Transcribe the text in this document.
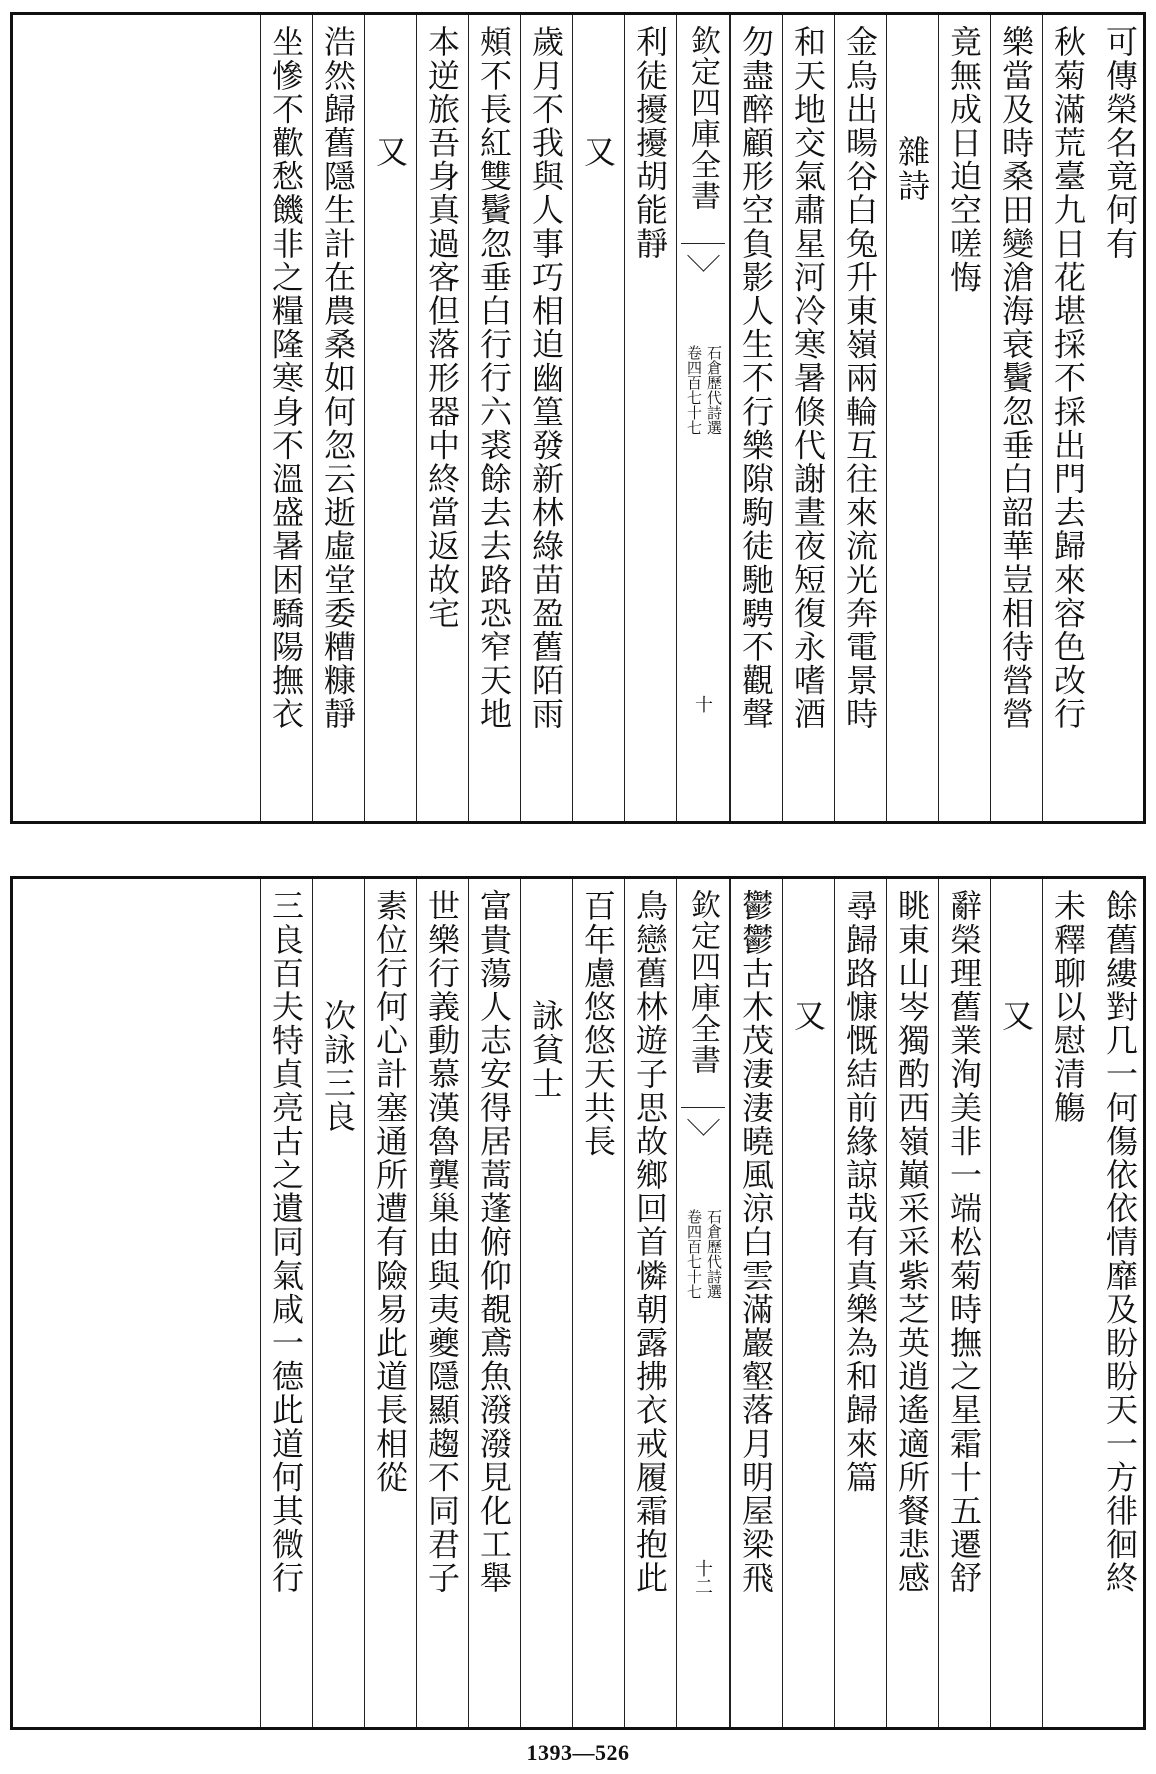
可傳榮名竟何有
秋菊滿荒臺九日花堪採不採出門去歸來容色改行
樂當及時桑田變滄海衰鬢忽垂白韶華豈相待營營
竟無成日迫空嗟悔
雜詩
金烏出暘谷白兔升東嶺兩輪互往來流光奔電景時
和天地交氣肅星河冷寒暑倏代謝晝夜短復永嗜酒
勿盡醉顧形空負影人生不行樂隙駒徒馳騁不觀聲
欽定四庫全書
石倉歷代詩選
卷四百七十七
十
利徒擾擾胡能靜
又
歲月不我與人事巧相迫幽篁發新林綠苗盈舊陌雨
頰不長紅雙鬢忽垂白行行六裘餘去去路恐窄天地
本逆旅吾身真過客但落形器中終當返故宅
又
浩然歸舊隱生計在農桑如何忽云逝虛堂委糟糠靜
坐慘不歡愁饑非之糧隆寒身不溫盛暑困驕陽撫衣
餘舊縷對几一何傷依依情靡及盼盼天一方徘徊終
未釋聊以慰清觴
又
辭榮理舊業洵美非一端松菊時撫之星霜十五遷舒
眺東山岑獨酌西嶺巔采采紫芝英逍遙適所餐悲感
尋歸路慷慨結前緣諒哉有真樂為和歸來篇
又
鬱鬱古木茂淒淒曉風涼白雲滿巖壑落月明屋梁飛
欽定四庫全書
石倉歷代詩選
卷四百七十七
十二
鳥戀舊林遊子思故鄉回首憐朝露拂衣戒履霜抱此
百年慮悠悠天共長
詠貧士
富貴蕩人志安得居蒿蓬俯仰覩鳶魚潑潑見化工舉
世樂行義動慕漢魯龔巢由與夷夔隱顯趨不同君子
素位行何心計塞通所遭有險易此道長相從
次詠三良
三良百夫特貞亮古之遺同氣咸一德此道何其微行
1393—526
